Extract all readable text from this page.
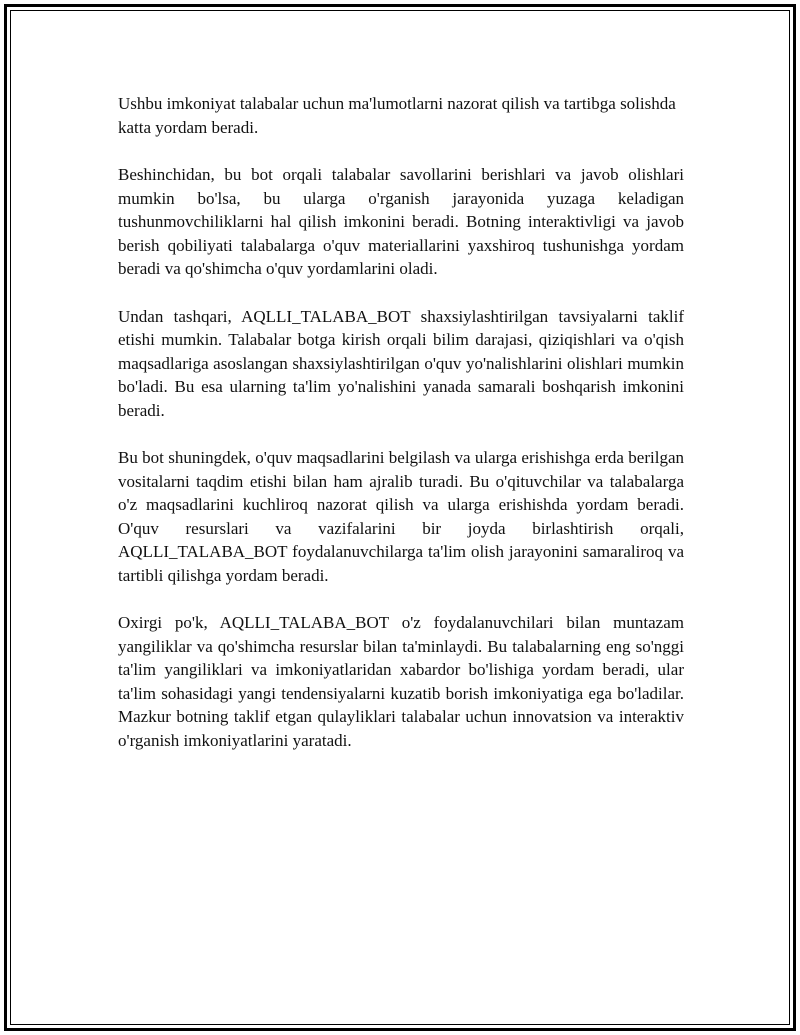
Ushbu imkoniyat talabalar uchun ma'lumotlarni nazorat qilish va tartibga solishda katta yordam beradi.

Beshinchidan, bu bot orqali talabalar savollarini berishlari va javob olishlari mumkin bo'lsa, bu ularga o'rganish jarayonida yuzaga keladigan tushunmovchiliklarni hal qilish imkonini beradi. Botning interaktivligi va javob berish qobiliyati talabalarga o'quv materiallarini yaxshiroq tushunishga yordam beradi va qo'shimcha o'quv yordamlarini oladi.

Undan tashqari, AQLLI_TALABA_BOT shaxsiylashtirilgan tavsiyalarni taklif etishi mumkin. Talabalar botga kirish orqali bilim darajasi, qiziqishlari va o'qish maqsadlariga asoslangan shaxsiylashtirilgan o'quv yo'nalishlarini olishlari mumkin bo'ladi. Bu esa ularning ta'lim yo'nalishini yanada samarali boshqarish imkonini beradi.

Bu bot shuningdek, o'quv maqsadlarini belgilash va ularga erishishga erda berilgan vositalarni taqdim etishi bilan ham ajralib turadi. Bu o'qituvchilar va talabalarga o'z maqsadlarini kuchliroq nazorat qilish va ularga erishishda yordam beradi. O'quv resurslari va vazifalarini bir joyda birlashtirish orqali, AQLLI_TALABA_BOT foydalanuvchilarga ta'lim olish jarayonini samaraliroq va tartibli qilishga yordam beradi.

Oxirgi po'k, AQLLI_TALABA_BOT o'z foydalanuvchilari bilan muntazam yangiliklar va qo'shimcha resurslar bilan ta'minlaydi. Bu talabalarning eng so'nggi ta'lim yangiliklari va imkoniyatlaridan xabardor bo'lishiga yordam beradi, ular ta'lim sohasidagi yangi tendensiyalarni kuzatib borish imkoniyatiga ega bo'ladilar. Mazkur botning taklif etgan qulayliklari talabalar uchun innovatsion va interaktiv o'rganish imkoniyatlarini yaratadi.
